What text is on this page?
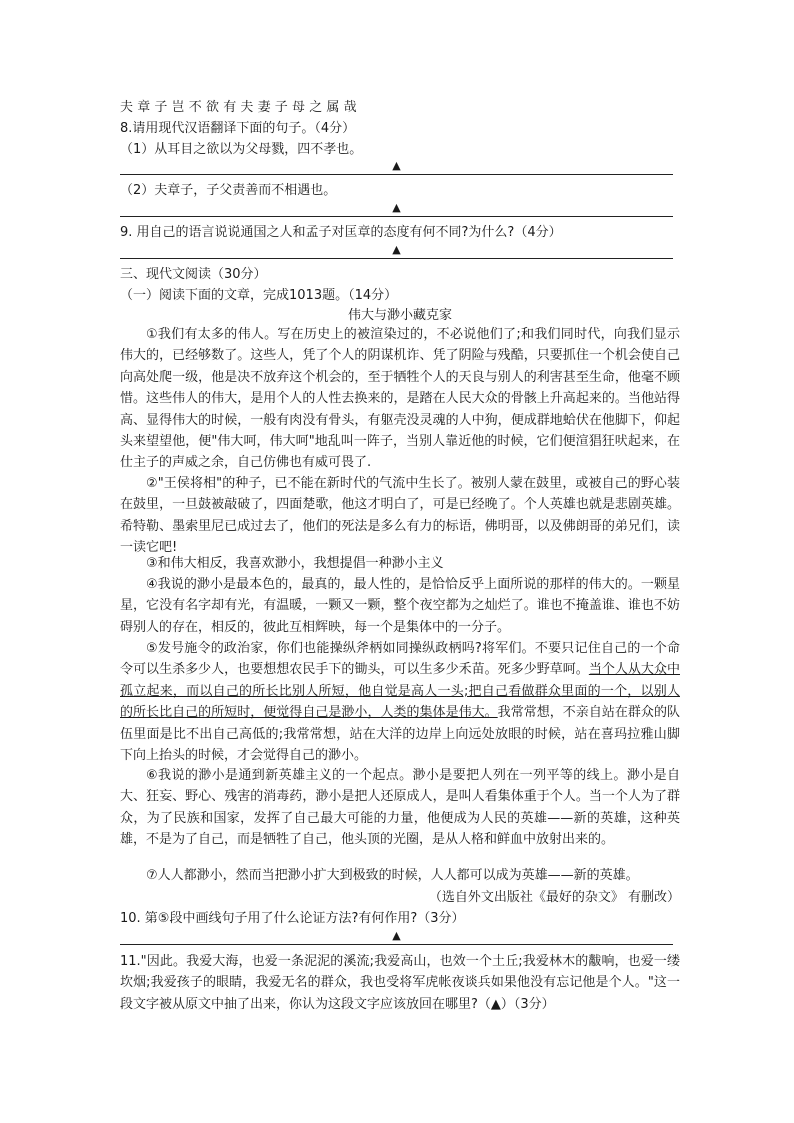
夫章子岂不欲有夫妻子母之属哉
8.请用现代汉语翻译下面的句子。（4分）
（1）从耳目之欲以为父母戮，四不孝也。
▲
（2）夫章子，子父责善而不相遇也。
▲
9. 用自己的语言说说通国之人和孟子对匡章的态度有何不同?为什么?（4分）
▲
三、现代文阅读（30分）
（一）阅读下面的文章，完成1013题。（14分）
伟大与渺小藏克家

①我们有太多的伟人。写在历史上的被渲染过的，不必说他们了;和我们同时代，向我们显示伟大的，已经够数了。这些人，凭了个人的阴谋机诈、凭了阴险与残酷，只要抓住一个机会使自己向高处爬一级，他是决不放弃这个机会的，至于牺牲个人的天良与别人的利害甚至生命，他毫不顾惜。这些伟人的伟大，是用个人的人性去换来的，是踏在人民大众的骨骸上升高起来的。当他站得高、显得伟大的时候，一般有肉没有骨头，有躯壳没灵魂的人中狗，便成群地蛤伏在他脚下，仰起头来望望他，便"伟大呵，伟大呵"地乱叫一阵子，当别人靠近他的时候，它们便渲猖狂吠起来，在仕主子的声威之余，自己仿佛也有威可畏了.

②"王侯将相"的种子，已不能在新时代的气流中生长了。被别人蒙在鼓里，或被自己的野心装在鼓里，一旦鼓被敲破了，四面楚歌，他这才明白了，可是已经晚了。个人英雄也就是悲剧英雄。希特勒、墨索里尼已成过去了，他们的死法是多么有力的标语，佛明哥，以及佛朗哥的弟兄们，读一读它吧!

③和伟大相反，我喜欢渺小，我想提倡一种渺小主义

④我说的渺小是最本色的，最真的，最人性的，是恰恰反乎上面所说的那样的伟大的。一颗星星，它没有名字却有光，有温暖，一颗又一颗，整个夜空都为之灿烂了。谁也不掩盖谁、谁也不妨碍别人的存在，相反的，彼此互相辉映，每一个是集体中的一分子。

⑤发号施令的政治家，你们也能操纵斧柄如同操纵政柄吗?将军们。不要只记住自己的一个命令可以生杀多少人，也要想想农民手下的锄头，可以生多少禾苗。死多少野草呵。当个人从大众中孤立起来，而以自己的所长比别人所短，他自觉是高人一头;把自己看做群众里面的一个，以别人的所长比自己的所短时，便觉得自己是渺小，人类的集体是伟大。我常常想，不亲自站在群众的队伍里面是比不出自己高低的;我常常想，站在大洋的边岸上向远处放眼的时候，站在喜玛拉雅山脚下向上抬头的时候，才会觉得自己的渺小。

⑥我说的渺小是通到新英雄主义的一个起点。渺小是要把人列在一列平等的线上。渺小是自大、狂妄、野心、残害的消毒药，渺小是把人还原成人，是叫人看集体重于个人。当一个人为了群众，为了民族和国家，发挥了自己最大可能的力量，他便成为人民的英雄——新的英雄，这种英雄，不是为了自己，而是牺牲了自己，他头顶的光圈，是从人格和鲜血中放射出来的。

⑦人人都渺小，然而当把渺小扩大到极致的时候，人人都可以成为英雄——新的英雄。

（选自外文出版社《最好的杂文》 有删改）
10. 第⑤段中画线句子用了什么论证方法?有何作用?（3分）
▲

11."因此。我爱大海，也爱一条泥泥的溪流;我爱高山，也效一个土丘;我爱林木的黻响，也爱一缕坎烟;我爱孩子的眼睛，我爱无名的群众，我也受将军虎帐夜谈兵如果他没有忘记他是个人。"这一段文字被从原文中抽了出来，你认为这段文字应该放回在哪里?（▲）（3分）
